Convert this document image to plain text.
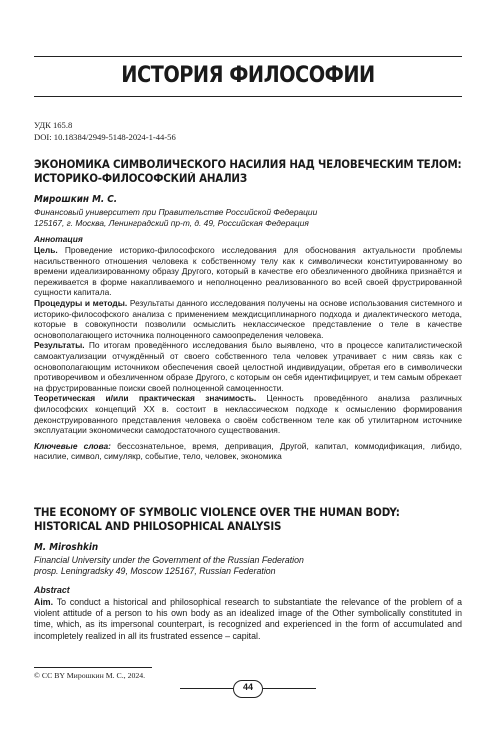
ИСТОРИЯ ФИЛОСОФИИ
УДК 165.8
DOI: 10.18384/2949-5148-2024-1-44-56
ЭКОНОМИКА СИМВОЛИЧЕСКОГО НАСИЛИЯ НАД ЧЕЛОВЕЧЕСКИМ ТЕЛОМ:
ИСТОРИКО-ФИЛОСОФСКИЙ АНАЛИЗ
Мирошкин М. С.
Финансовый университет при Правительстве Российской Федерации
125167, г. Москва, Ленинградский пр-т, д. 49, Российская Федерация
Аннотация
Цель. Проведение историко-философского исследования для обоснования актуальности проблемы насильственного отношения человека к собственному телу как к символически конституированному во времени идеализированному образу Другого, который в качестве его обезличенного двойника признаётся и переживается в форме накапливаемого и неполноценно реализованного во всей своей фрустрированной сущности капитала.
Процедуры и методы. Результаты данного исследования получены на основе использования системного и историко-философского анализа с применением междисциплинарного подхода и диалектического метода, которые в совокупности позволили осмыслить неклассическое представление о теле в качестве основополагающего источника полноценного самоопределения человека.
Результаты. По итогам проведённого исследования было выявлено, что в процессе капиталистической самоактуализации отчуждённый от своего собственного тела человек утрачивает с ним связь как с основополагающим источником обеспечения своей целостной индивидуации, обретая его в символически противоречивом и обезличенном образе Другого, с которым он себя идентифицирует, и тем самым обрекает на фрустрированные поиски своей полноценной самоценности.
Теоретическая и/или практическая значимость. Ценность проведённого анализа различных философских концепций XX в. состоит в неклассическом подходе к осмыслению формирования деконструированного представления человека о своём собственном теле как об утилитарном источнике эксплуатации экономически самодостаточного существования.
Ключевые слова: бессознательное, время, депривация, Другой, капитал, коммодификация, либидо, насилие, символ, симулякр, событие, тело, человек, экономика
THE ECONOMY OF SYMBOLIC VIOLENCE OVER THE HUMAN BODY:
HISTORICAL AND PHILOSOPHICAL ANALYSIS
M. Miroshkin
Financial University under the Government of the Russian Federation
prosp. Leningradsky 49, Moscow 125167, Russian Federation
Abstract
Aim. To conduct a historical and philosophical research to substantiate the relevance of the problem of a violent attitude of a person to his own body as an idealized image of the Other symbolically constituted in time, which, as its impersonal counterpart, is recognized and experienced in the form of accumulated and incompletely realized in all its frustrated essence – capital.
© CC BY Мирошкин М. С., 2024.
44
